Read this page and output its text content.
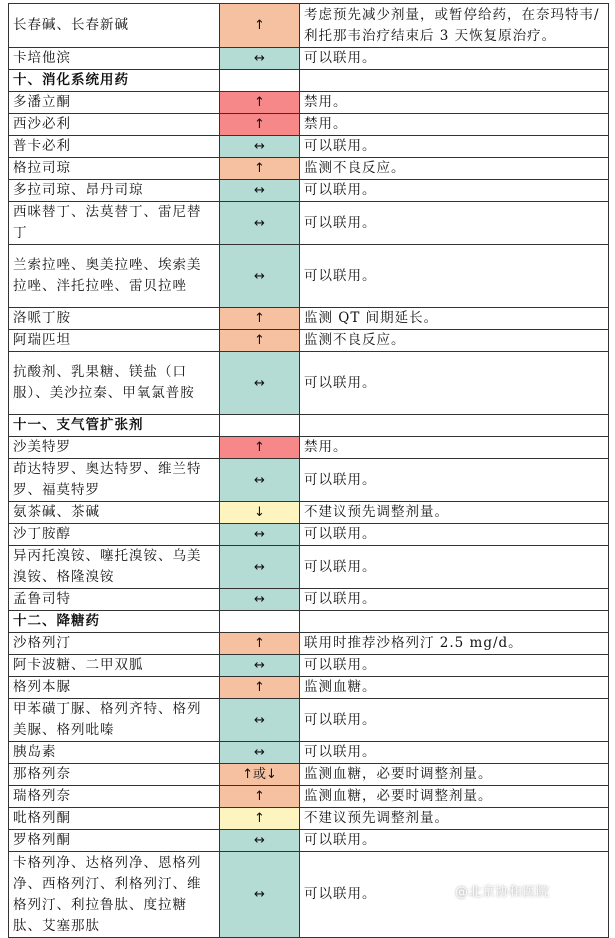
长春碱、长春新碱	↑	考虑预先减少剂量，或暂停给药，在奈玛特韦/利托那韦治疗结束后 3 天恢复原治疗。
卡培他滨	↔	可以联用。
十、消化系统用药		
多潘立酮	↑	禁用。
西沙必利	↑	禁用。
普卡必利	↔	可以联用。
格拉司琼	↑	监测不良反应。
多拉司琼、昂丹司琼	↔	可以联用。
西咪替丁、法莫替丁、雷尼替丁	↔	可以联用。
兰索拉唑、奥美拉唑、埃索美拉唑、泮托拉唑、雷贝拉唑	↔	可以联用。
洛哌丁胺	↑	监测 QT 间期延长。
阿瑞匹坦	↑	监测不良反应。
抗酸剂、乳果糖、镁盐（口服）、美沙拉秦、甲氧氯普胺	↔	可以联用。
十一、支气管扩张剂		
沙美特罗	↑	禁用。
茚达特罗、奥达特罗、维兰特罗、福莫特罗	↔	可以联用。
氨茶碱、茶碱	↓	不建议预先调整剂量。
沙丁胺醇	↔	可以联用。
异丙托溴铵、噻托溴铵、乌美溴铵、格隆溴铵	↔	可以联用。
孟鲁司特	↔	可以联用。
十二、降糖药		
沙格列汀	↑	联用时推荐沙格列汀 2.5 mg/d。
阿卡波糖、二甲双胍	↔	可以联用。
格列本脲	↑	监测血糖。
甲苯磺丁脲、格列齐特、格列美脲、格列吡嗪	↔	可以联用。
胰岛素	↔	可以联用。
那格列奈	↑或↓	监测血糖，必要时调整剂量。
瑞格列奈	↑	监测血糖，必要时调整剂量。
吡格列酮	↑	不建议预先调整剂量。
罗格列酮	↔	可以联用。
卡格列净、达格列净、恩格列净、西格列汀、利格列汀、维格列汀、利拉鲁肽、度拉糖肽、艾塞那肽	↔	可以联用。	@北京协和医院
